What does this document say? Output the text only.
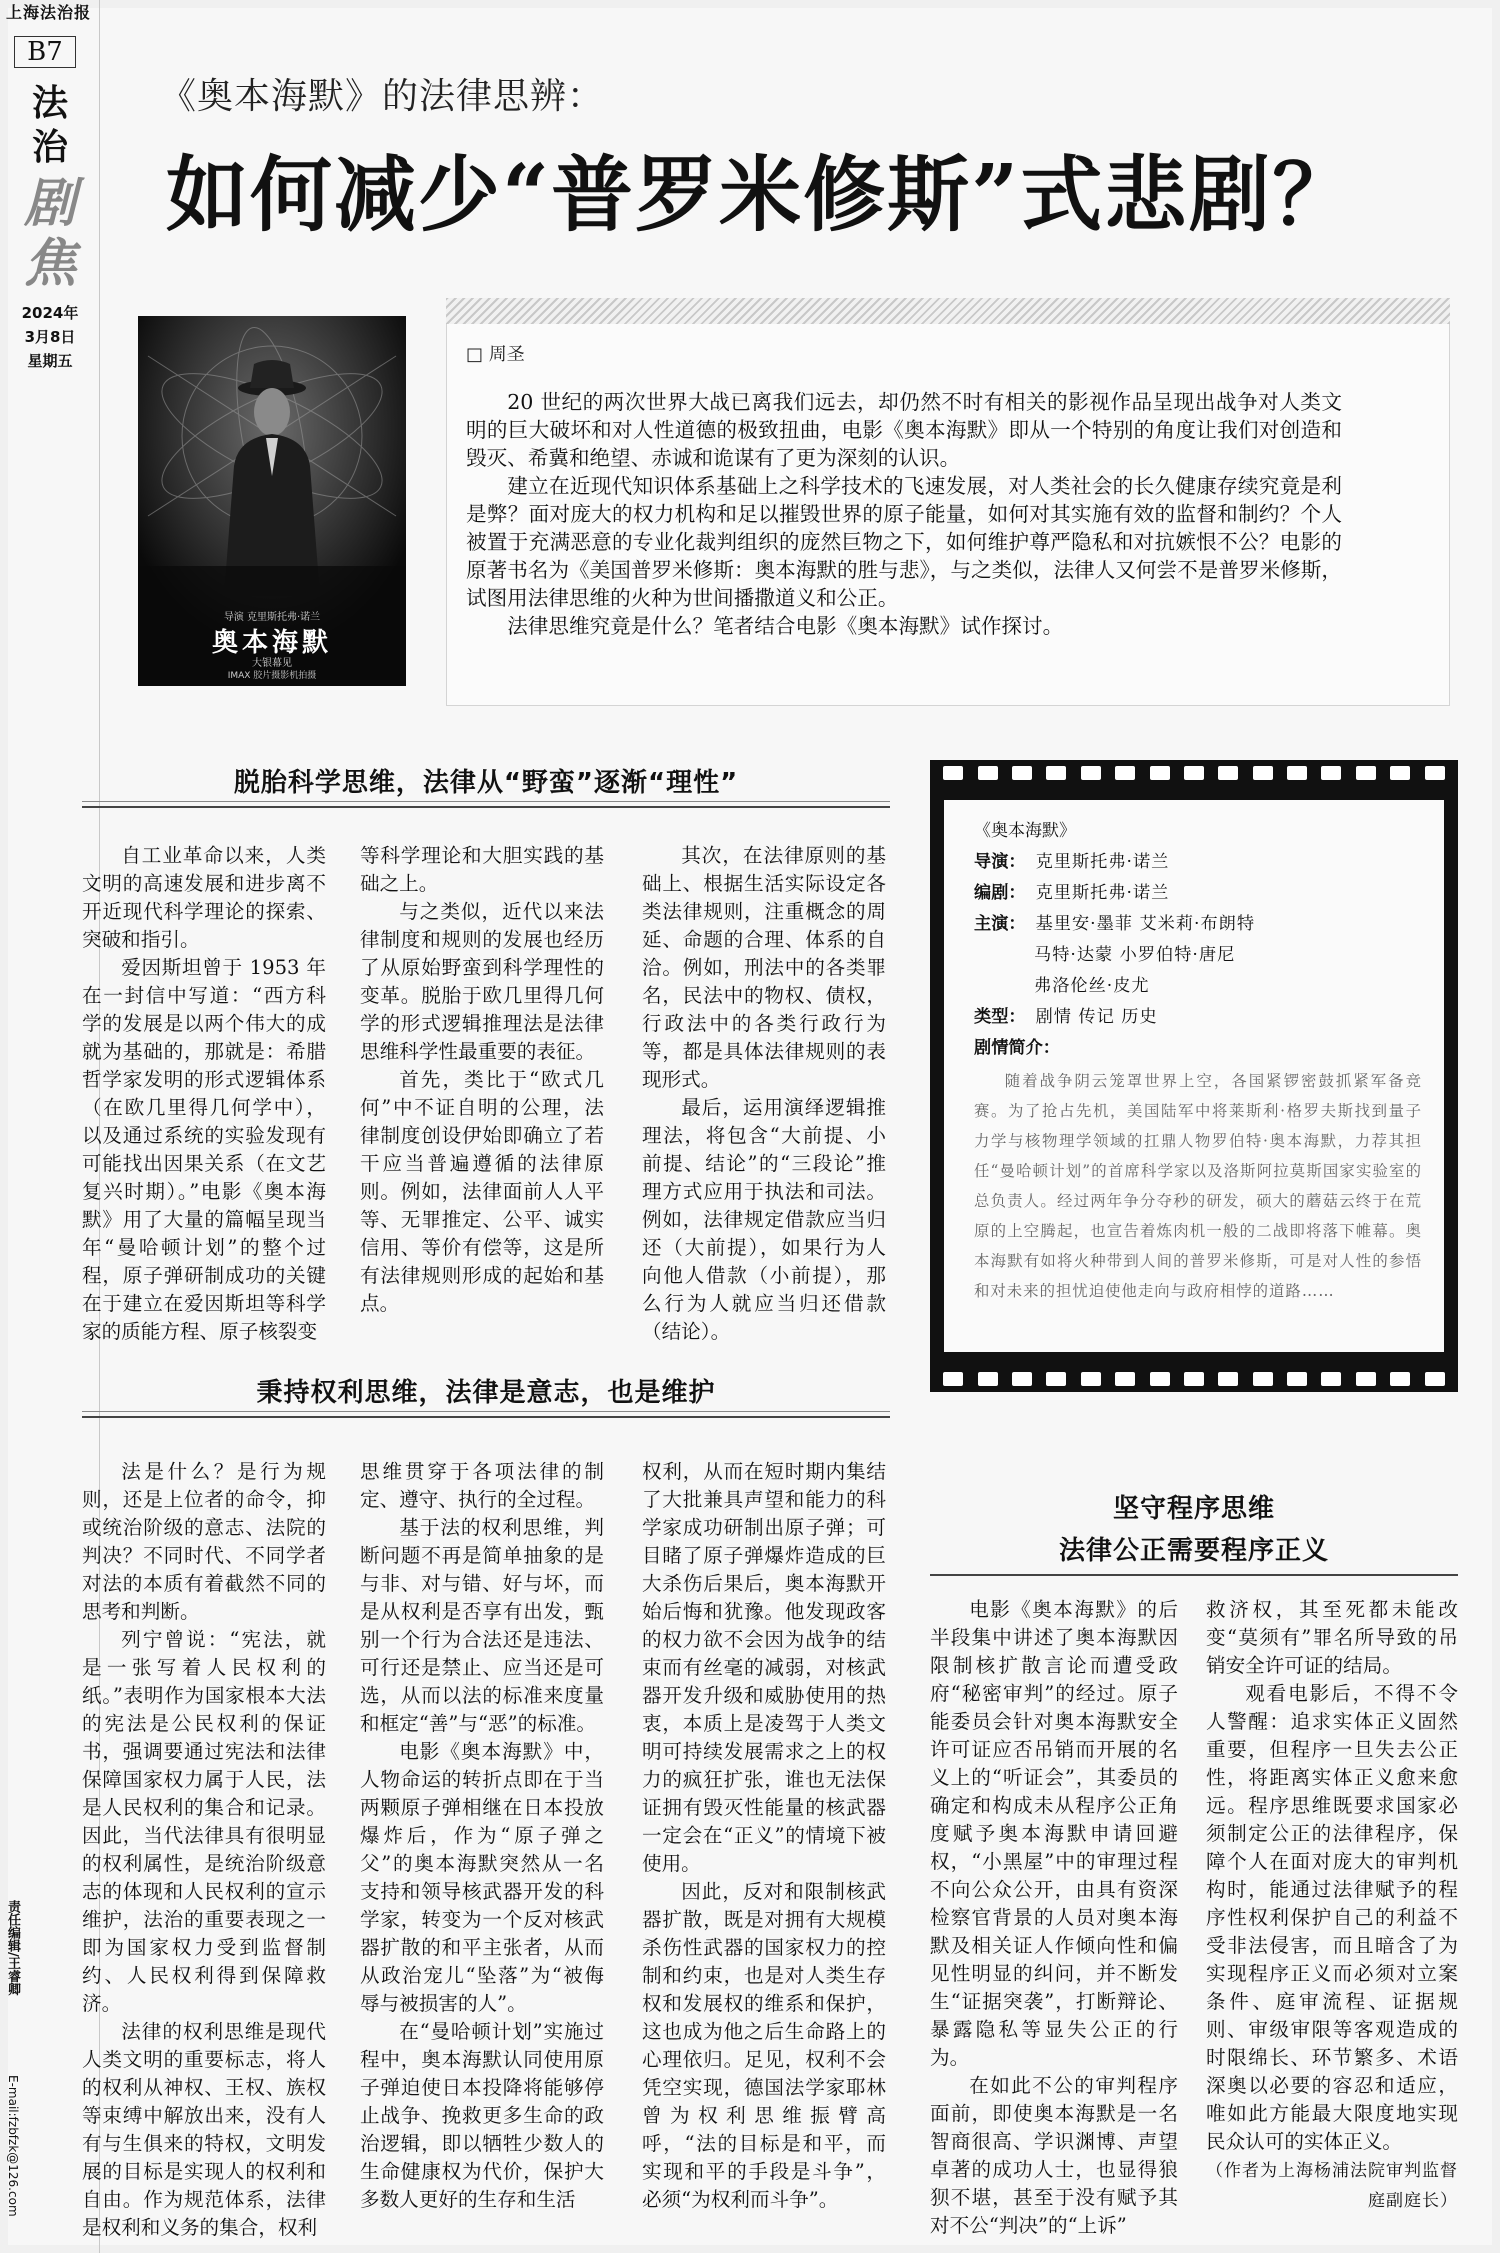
上海法治报
B7
法
治
剧
焦
2024年
3月8日
星期五
责任编辑/王睿卿
E-mail:fzbfzk@126.com
《奥本海默》的法律思辨：
如何减少“普罗米修斯”式悲剧？
导演 克里斯托弗·诺兰
奥本海默
大银幕见
IMAX 胶片摄影机拍摄
□ 周圣

20 世纪的两次世界大战已离我们远去，却仍然不时有相关的影视作品呈现出战争对人类文明的巨大破坏和对人性道德的极致扭曲，电影《奥本海默》即从一个特别的角度让我们对创造和毁灭、希冀和绝望、赤诚和诡谋有了更为深刻的认识。

建立在近现代知识体系基础上之科学技术的飞速发展，对人类社会的长久健康存续究竟是利是弊？面对庞大的权力机构和足以摧毁世界的原子能量，如何对其实施有效的监督和制约？个人被置于充满恶意的专业化裁判组织的庞然巨物之下，如何维护尊严隐私和对抗嫉恨不公？电影的原著书名为《美国普罗米修斯：奥本海默的胜与悲》，与之类似，法律人又何尝不是普罗米修斯，试图用法律思维的火种为世间播撒道义和公正。

法律思维究竟是什么？笔者结合电影《奥本海默》试作探讨。

脱胎科学思维，法律从“野蛮”逐渐“理性”

自工业革命以来，人类文明的高速发展和进步离不开近现代科学理论的探索、突破和指引。

爱因斯坦曾于 1953 年在一封信中写道：“西方科学的发展是以两个伟大的成就为基础的，那就是：希腊哲学家发明的形式逻辑体系（在欧几里得几何学中），以及通过系统的实验发现有可能找出因果关系（在文艺复兴时期）。”电影《奥本海默》用了大量的篇幅呈现当年“曼哈顿计划”的整个过程，原子弹研制成功的关键在于建立在爱因斯坦等科学家的质能方程、原子核裂变

等科学理论和大胆实践的基础之上。

与之类似，近代以来法律制度和规则的发展也经历了从原始野蛮到科学理性的变革。脱胎于欧几里得几何学的形式逻辑推理法是法律思维科学性最重要的表征。

首先，类比于“欧式几何”中不证自明的公理，法律制度创设伊始即确立了若干应当普遍遵循的法律原则。例如，法律面前人人平等、无罪推定、公平、诚实信用、等价有偿等，这是所有法律规则形成的起始和基点。

其次，在法律原则的基础上、根据生活实际设定各类法律规则，注重概念的周延、命题的合理、体系的自洽。例如，刑法中的各类罪名，民法中的物权、债权，行政法中的各类行政行为等，都是具体法律规则的表现形式。

最后，运用演绎逻辑推理法，将包含“大前提、小前提、结论”的“三段论”推理方式应用于执法和司法。例如，法律规定借款应当归还（大前提），如果行为人向他人借款（小前提），那么行为人就应当归还借款（结论）。

秉持权利思维，法律是意志，也是维护

法是什么？是行为规则，还是上位者的命令，抑或统治阶级的意志、法院的判决？不同时代、不同学者对法的本质有着截然不同的思考和判断。

列宁曾说：“宪法，就是一张写着人民权利的纸。”表明作为国家根本大法的宪法是公民权利的保证书，强调要通过宪法和法律保障国家权力属于人民，法是人民权利的集合和记录。因此，当代法律具有很明显的权利属性，是统治阶级意志的体现和人民权利的宣示维护，法治的重要表现之一即为国家权力受到监督制约、人民权利得到保障救济。

法律的权利思维是现代人类文明的重要标志，将人的权利从神权、王权、族权等束缚中解放出来，没有人有与生俱来的特权，文明发展的目标是实现人的权利和自由。作为规范体系，法律是权利和义务的集合，权利

思维贯穿于各项法律的制定、遵守、执行的全过程。

基于法的权利思维，判断问题不再是简单抽象的是与非、对与错、好与坏，而是从权利是否享有出发，甄别一个行为合法还是违法、可行还是禁止、应当还是可选，从而以法的标准来度量和框定“善”与“恶”的标准。

电影《奥本海默》中，人物命运的转折点即在于当两颗原子弹相继在日本投放爆炸后，作为“原子弹之父”的奥本海默突然从一名支持和领导核武器开发的科学家，转变为一个反对核武器扩散的和平主张者，从而从政治宠儿“坠落”为“被侮辱与被损害的人”。

在“曼哈顿计划”实施过程中，奥本海默认同使用原子弹迫使日本投降将能够停止战争、挽救更多生命的政治逻辑，即以牺牲少数人的生命健康权为代价，保护大多数人更好的生存和生活

权利，从而在短时期内集结了大批兼具声望和能力的科学家成功研制出原子弹；可目睹了原子弹爆炸造成的巨大杀伤后果后，奥本海默开始后悔和犹豫。他发现政客的权力欲不会因为战争的结束而有丝毫的减弱，对核武器开发升级和威胁使用的热衷，本质上是凌驾于人类文明可持续发展需求之上的权力的疯狂扩张，谁也无法保证拥有毁灭性能量的核武器一定会在“正义”的情境下被使用。

因此，反对和限制核武器扩散，既是对拥有大规模杀伤性武器的国家权力的控制和约束，也是对人类生存权和发展权的维系和保护，这也成为他之后生命路上的心理依归。足见，权利不会凭空实现，德国法学家耶林曾为权利思维振臂高呼，“法的目标是和平，而实现和平的手段是斗争”，必须“为权利而斗争”。

《奥本海默》
导演： 克里斯托弗·诺兰
编剧： 克里斯托弗·诺兰
主演： 基里安·墨菲 艾米莉·布朗特
马特·达蒙 小罗伯特·唐尼
弗洛伦丝·皮尤
类型： 剧情 传记 历史
剧情简介：
随着战争阴云笼罩世界上空，各国紧锣密鼓抓紧军备竞赛。为了抢占先机，美国陆军中将莱斯利·格罗夫斯找到量子力学与核物理学领域的扛鼎人物罗伯特·奥本海默，力荐其担任“曼哈顿计划”的首席科学家以及洛斯阿拉莫斯国家实验室的总负责人。经过两年争分夺秒的研发，硕大的蘑菇云终于在荒原的上空腾起，也宣告着炼肉机一般的二战即将落下帷幕。奥本海默有如将火种带到人间的普罗米修斯，可是对人性的参悟和对未来的担忧迫使他走向与政府相悖的道路……
坚守程序思维
法律公正需要程序正义

电影《奥本海默》的后半段集中讲述了奥本海默因限制核扩散言论而遭受政府“秘密审判”的经过。原子能委员会针对奥本海默安全许可证应否吊销而开展的名义上的“听证会”，其委员的确定和构成未从程序公正角度赋予奥本海默申请回避权，“小黑屋”中的审理过程不向公众公开，由具有资深检察官背景的人员对奥本海默及相关证人作倾向性和偏见性明显的纠问，并不断发生“证据突袭”，打断辩论、暴露隐私等显失公正的行为。

在如此不公的审判程序面前，即使奥本海默是一名智商很高、学识渊博、声望卓著的成功人士，也显得狼狈不堪，甚至于没有赋予其对不公“判决”的“上诉”

救济权，其至死都未能改变“莫须有”罪名所导致的吊销安全许可证的结局。

观看电影后，不得不令人警醒：追求实体正义固然重要，但程序一旦失去公正性，将距离实体正义愈来愈远。程序思维既要求国家必须制定公正的法律程序，保障个人在面对庞大的审判机构时，能通过法律赋予的程序性权利保护自己的利益不受非法侵害，而且暗含了为实现程序正义而必须对立案条件、庭审流程、证据规则、审级审限等客观造成的时限绵长、环节繁多、术语深奥以必要的容忍和适应，唯如此方能最大限度地实现民众认可的实体正义。

（作者为上海杨浦法院审判监督庭副庭长）
